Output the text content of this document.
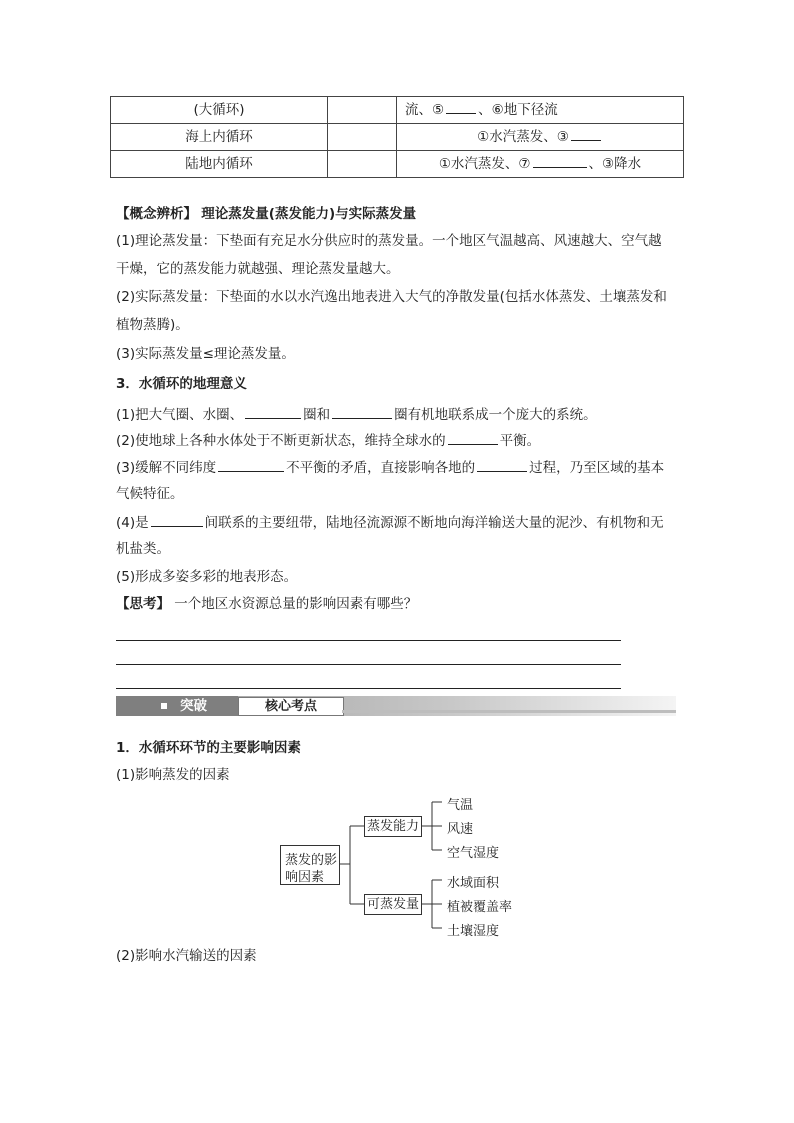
(大循环)		流、⑤ 、⑥地下径流
海上内循环		①水汽蒸发、③
陆地内循环		①水汽蒸发、⑦ 、③降水
【概念辨析】 理论蒸发量(蒸发能力)与实际蒸发量
(1)理论蒸发量：下垫面有充足水分供应时的蒸发量。一个地区气温越高、风速越大、空气越
干燥，它的蒸发能力就越强、理论蒸发量越大。
(2)实际蒸发量：下垫面的水以水汽逸出地表进入大气的净散发量(包括水体蒸发、土壤蒸发和
植物蒸腾)。
(3)实际蒸发量≤理论蒸发量。
3．水循环的地理意义
(1)把大气圈、水圈、	圈和	圈有机地联系成一个庞大的系统。
(2)使地球上各种水体处于不断更新状态，维持全球水的	平衡。
(3)缓解不同纬度	不平衡的矛盾，直接影响各地的	过程，乃至区域的基本
气候特征。
(4)是	间联系的主要纽带，陆地径流源源不断地向海洋输送大量的泥沙、有机物和无
机盐类。
(5)形成多姿多彩的地表形态。
【思考】 一个地区水资源总量的影响因素有哪些？
突破	核心考点
1．水循环环节的主要影响因素
(1)影响蒸发的因素
蒸发的影
响因素
蒸发能力
可蒸发量
气温
风速
空气湿度
水域面积
植被覆盖率
土壤湿度
(2)影响水汽输送的因素
